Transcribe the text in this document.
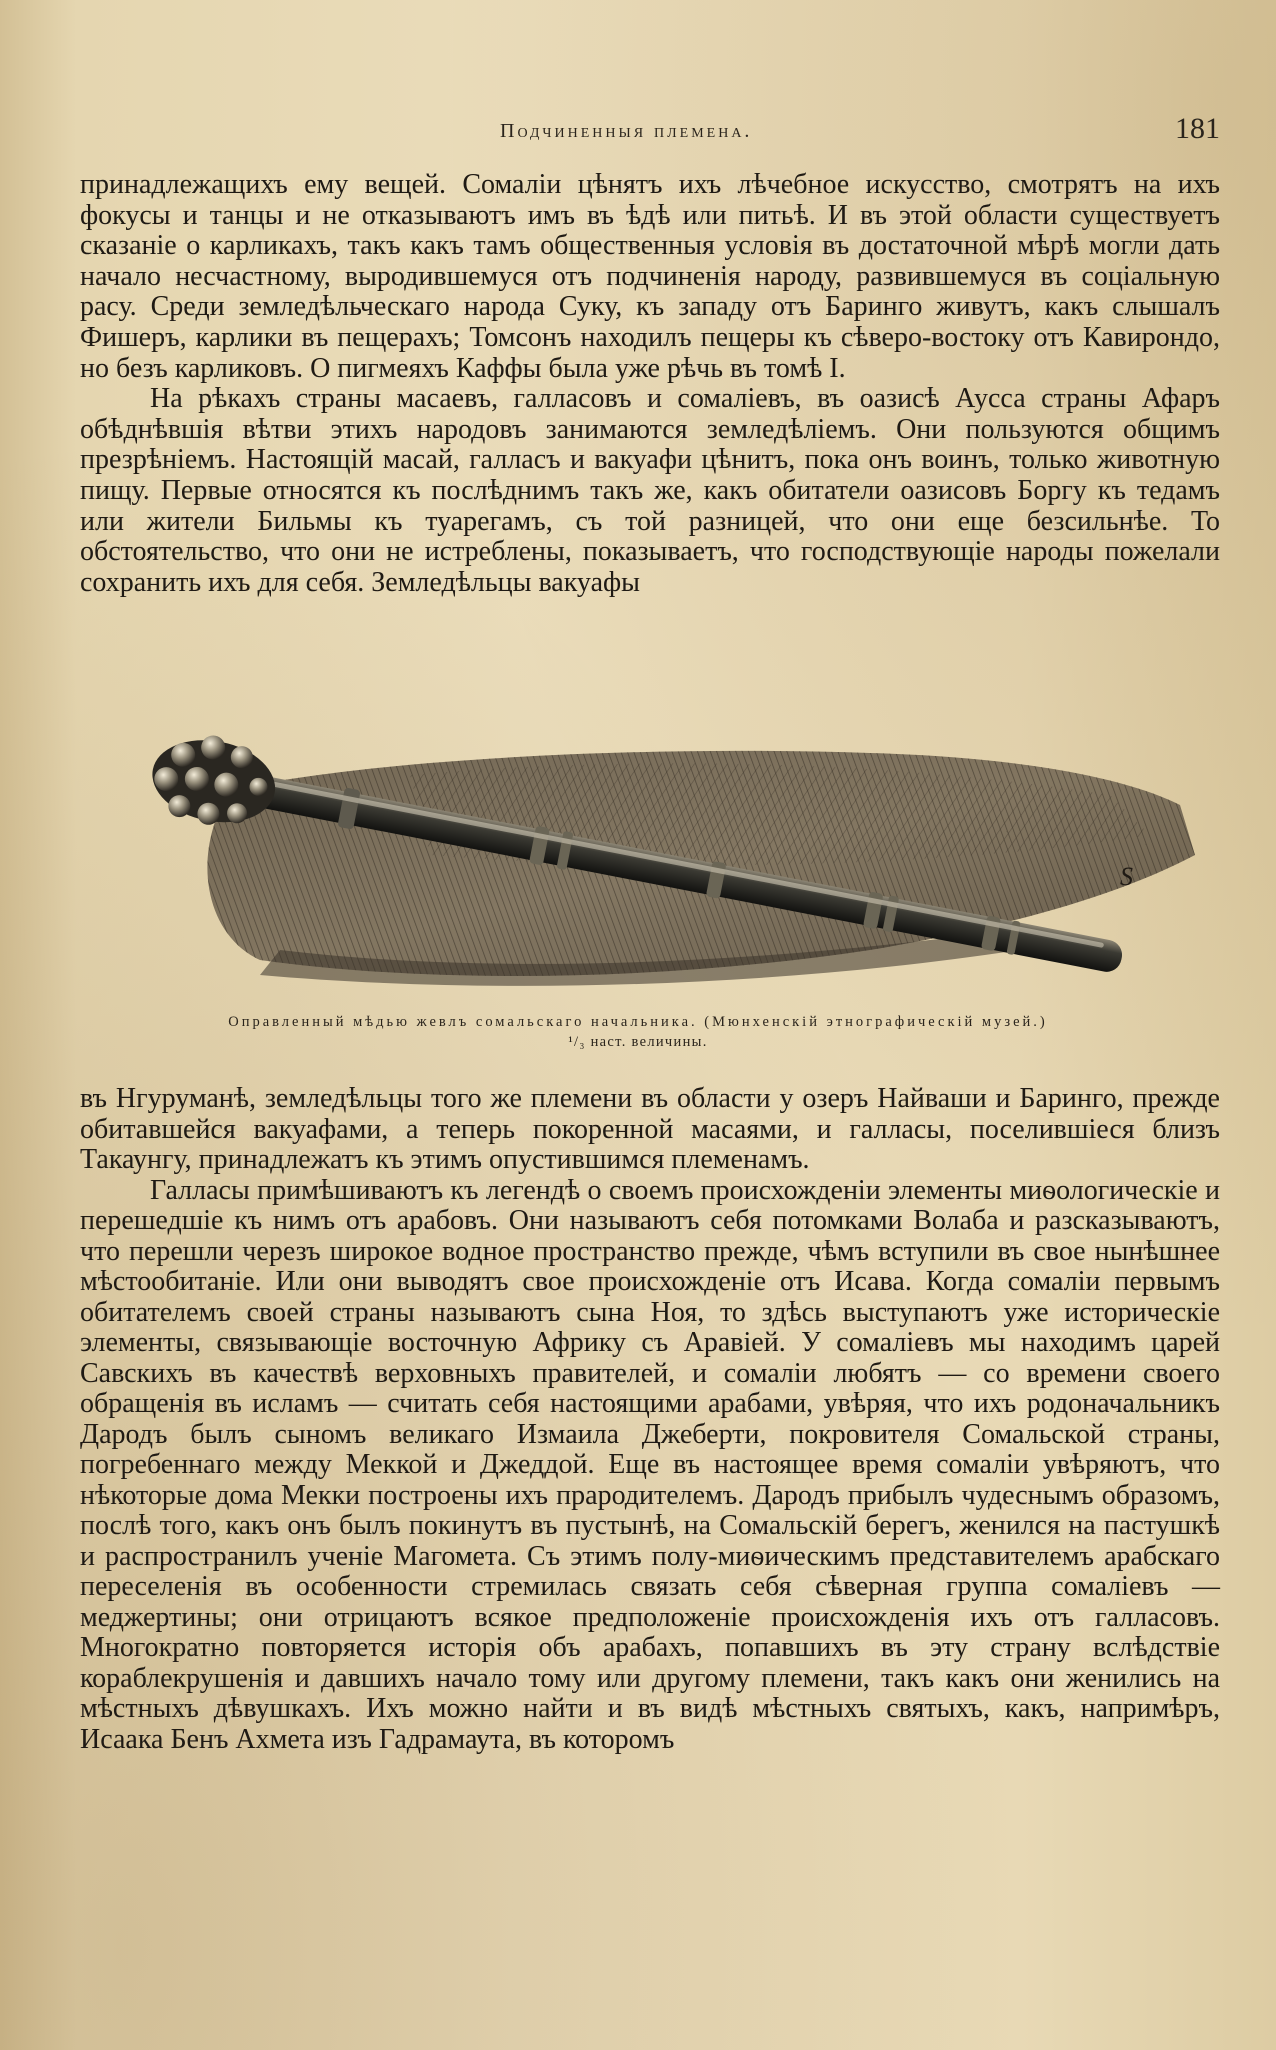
Подчиненныя племена.	181

принадлежащихъ ему вещей. Сомалiи цѣнятъ ихъ лѣчебное искусство, смотрятъ на ихъ фокусы и танцы и не отказываютъ имъ въ ѣдѣ или питьѣ. И въ этой области существуетъ сказанiе о карликахъ, такъ какъ тамъ общественныя условiя въ достаточной мѣрѣ могли дать начало несчастному, выродившемуся отъ подчиненiя народу, развившемуся въ соцiальную расу. Среди земледѣльческаго народа Суку, къ западу отъ Баринго живутъ, какъ слышалъ Фишеръ, карлики въ пещерахъ; Томсонъ находилъ пещеры къ сѣверо-востоку отъ Кавирондо, но безъ карликовъ. О пигмеяхъ Каффы была уже рѣчь въ томѣ I.

На рѣкахъ страны масаевъ, галласовъ и сомалiевъ, въ оазисѣ Ауcса страны Афаръ обѣднѣвшiя вѣтви этихъ народовъ занимаются земледѣлiемъ. Они пользуются общимъ презрѣнiемъ. Настоящiй масай, галласъ и вакуафи цѣнитъ, пока онъ воинъ, только животную пищу. Первые относятся къ послѣднимъ такъ же, какъ обитатели оазисовъ Боргу къ тедамъ или жители Бильмы къ туарегамъ, съ той разницей, что они еще безсильнѣе. То обстоятельство, что они не истреблены, показываетъ, что господствующiе народы пожелали сохранить ихъ для себя. Земледѣльцы вакуафы

S
Оправленный мѣдью жевлъ сомальскаго начальника. (Мюнхенскiй этнографическiй музей.)
¹/₃ наст. величины.

въ Нгуруманѣ, земледѣльцы того же племени въ области у озеръ Найваши и Баринго, прежде обитавшейся вакуафами, а теперь покоренной масаями, и галласы, поселившiеся близъ Такаунгу, принадлежатъ къ этимъ опустившимся племенамъ.

Галласы примѣшиваютъ къ легендѣ о своемъ происхожденiи элементы миѳологическiе и перешедшiе къ нимъ отъ арабовъ. Они называютъ себя потомками Волаба и разсказываютъ, что перешли черезъ широкое водное пространство прежде, чѣмъ вступили въ свое нынѣшнее мѣстообитанiе. Или они выводятъ свое происхожденiе отъ Исава. Когда сомалiи первымъ обитателемъ своей страны называютъ сына Ноя, то здѣсь выступаютъ уже историческiе элементы, связывающiе восточную Африку съ Аравiей. У сомалiевъ мы находимъ царей Савскихъ въ качествѣ верховныхъ правителей, и сомалiи любятъ — со времени своего обращенiя въ исламъ — считать себя настоящими арабами, увѣряя, что ихъ родоначальникъ Дародъ былъ сыномъ великаго Измаила Джеберти, покровителя Сомальской страны, погребеннаго между Меккой и Джеддой. Еще въ настоящее время сомалiи увѣряютъ, что нѣкоторые дома Мекки построены ихъ прародителемъ. Дародъ прибылъ чудеснымъ образомъ, послѣ того, какъ онъ былъ покинутъ въ пустынѣ, на Сомальскiй берегъ, женился на пастушкѣ и распространилъ ученiе Магомета. Съ этимъ полу-миѳическимъ представителемъ арабскаго переселенiя въ особенности стремилась связать себя сѣверная группа сомалiевъ — меджертины; они отрицаютъ всякое предположенiе происхожденiя ихъ отъ галласовъ. Многократно повторяется исторiя объ арабахъ, попавшихъ въ эту страну вслѣдствiе кораблекрушенiя и давшихъ начало тому или другому племени, такъ какъ они женились на мѣстныхъ дѣвушкахъ. Ихъ можно найти и въ видѣ мѣстныхъ святыхъ, какъ, напримѣръ, Исаака Бенъ Ахмета изъ Гадрамаута, въ которомъ
